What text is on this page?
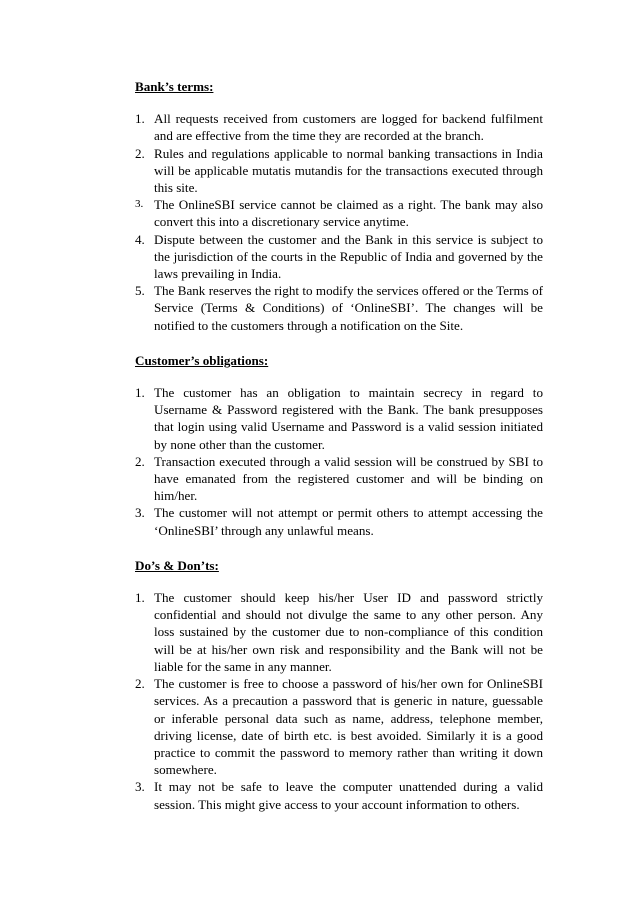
Bank’s terms:
1. All requests received from customers are logged for backend fulfilment and are effective from the time they are recorded at the branch.
2. Rules and regulations applicable to normal banking transactions in India will be applicable mutatis mutandis for the transactions executed through this site.
3. The OnlineSBI service cannot be claimed as a right. The bank may also convert this into a discretionary service anytime.
4. Dispute between the customer and the Bank in this service is subject to the jurisdiction of the courts in the Republic of India and governed by the laws prevailing in India.
5. The Bank reserves the right to modify the services offered or the Terms of Service (Terms & Conditions) of ‘OnlineSBI’. The changes will be notified to the customers through a notification on the Site.
Customer’s obligations:
1. The customer has an obligation to maintain secrecy in regard to Username & Password registered with the Bank. The bank presupposes that login using valid Username and Password is a valid session initiated by none other than the customer.
2. Transaction executed through a valid session will be construed by SBI to have emanated from the registered customer and will be binding on him/her.
3. The customer will not attempt or permit others to attempt accessing the ‘OnlineSBI’ through any unlawful means.
Do’s & Don’ts:
1. The customer should keep his/her User ID and password strictly confidential and should not divulge the same to any other person. Any loss sustained by the customer due to non-compliance of this condition will be at his/her own risk and responsibility and the Bank will not be liable for the same in any manner.
2. The customer is free to choose a password of his/her own for OnlineSBI services. As a precaution a password that is generic in nature, guessable or inferable personal data such as name, address, telephone member, driving license, date of birth etc. is best avoided. Similarly it is a good practice to commit the password to memory rather than writing it down somewhere.
3. It may not be safe to leave the computer unattended during a valid session. This might give access to your account information to others.
